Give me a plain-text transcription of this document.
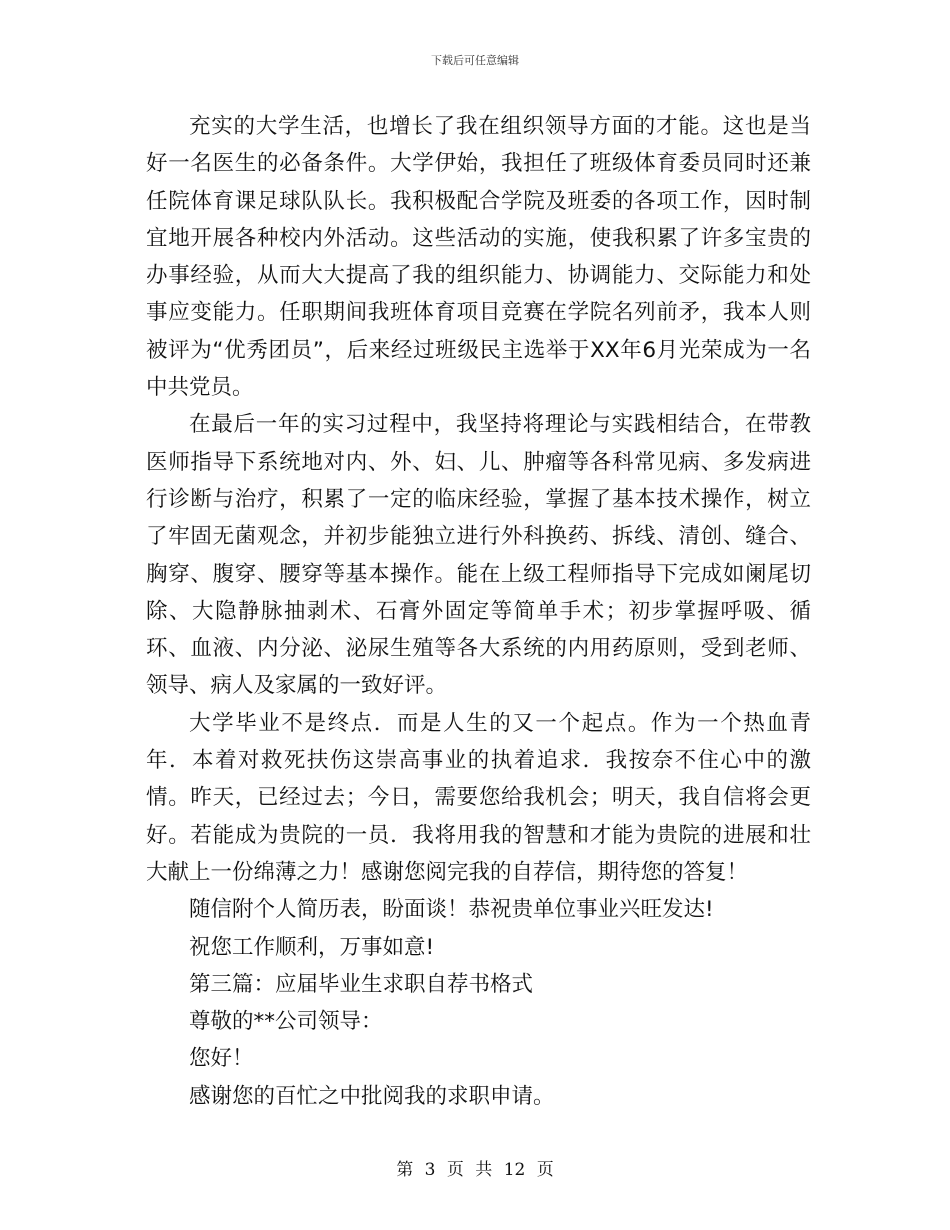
下载后可任意编辑

充实的大学生活，也增长了我在组织领导方面的才能。这也是当好一名医生的必备条件。大学伊始，我担任了班级体育委员同时还兼任院体育课足球队队长。我积极配合学院及班委的各项工作，因时制宜地开展各种校内外活动。这些活动的实施，使我积累了许多宝贵的办事经验，从而大大提高了我的组织能力、协调能力、交际能力和处事应变能力。任职期间我班体育项目竞赛在学院名列前矛，我本人则被评为“优秀团员”，后来经过班级民主选举于XX年6月光荣成为一名中共党员。

在最后一年的实习过程中，我坚持将理论与实践相结合，在带教医师指导下系统地对内、外、妇、儿、肿瘤等各科常见病、多发病进行诊断与治疗，积累了一定的临床经验，掌握了基本技术操作，树立了牢固无菌观念，并初步能独立进行外科换药、拆线、清创、缝合、胸穿、腹穿、腰穿等基本操作。能在上级工程师指导下完成如阑尾切除、大隐静脉抽剥术、石膏外固定等简单手术；初步掌握呼吸、循环、血液、内分泌、泌尿生殖等各大系统的内用药原则，受到老师、领导、病人及家属的一致好评。

大学毕业不是终点．而是人生的又一个起点。作为一个热血青年．本着对救死扶伤这崇高事业的执着追求．我按奈不住心中的激情。昨天，已经过去；今日，需要您给我机会；明天，我自信将会更好。若能成为贵院的一员．我将用我的智慧和才能为贵院的进展和壮大献上一份绵薄之力！感谢您阅完我的自荐信，期待您的答复！

随信附个人简历表，盼面谈！恭祝贵单位事业兴旺发达!

祝您工作顺利，万事如意!

第三篇：应届毕业生求职自荐书格式

尊敬的**公司领导：

您好！

感谢您的百忙之中批阅我的求职申请。

第 3 页 共 12 页
